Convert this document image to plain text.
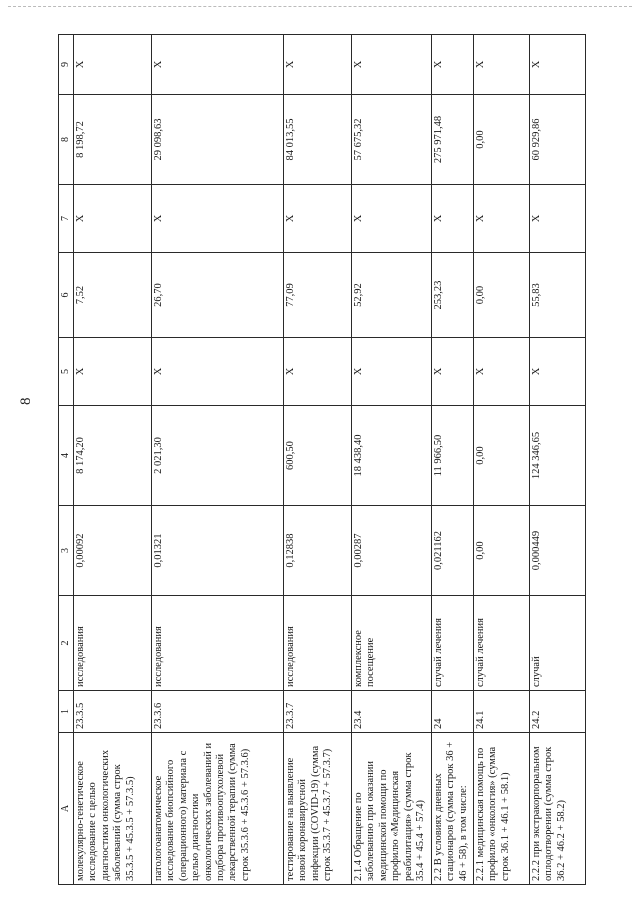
8
А	1	2	3	4	5	6	7	8	9
молекулярно-генетическое исследование с целью диагностики онкологических заболеваний (сумма строк 35.3.5 + 45.3.5 + 57.3.5)	23.3.5	исследования	0,00092	8 174,20	Х	7,52	Х	8 198,72	Х
патологоанатомическое исследование биопсийного (операционного) материала с целью диагностики онкологических заболеваний и подбора противоопухолевой лекарственной терапии (сумма строк 35.3.6 + 45.3.6 + 57.3.6)	23.3.6	исследования	0,01321	2 021,30	Х	26,70	Х	29 098,63	Х
тестирование на выявление новой коронавирусной инфекции (COVID-19) (сумма строк 35.3.7 + 45.3.7 + 57.3.7)	23.3.7	исследования	0,12838	600,50	Х	77,09	Х	84 013,55	Х
2.1.4 Обращение по заболеванию при оказании медицинской помощи по профилю «Медицинская реабилитация» (сумма строк 35.4 + 45.4 + 57.4)	23.4	комплексное посещение	0,00287	18 438,40	Х	52,92	Х	57 675,32	Х
2.2 В условиях дневных стационаров (сумма строк 36 + 46 + 58), в том числе:	24	случай лечения	0,021162	11 966,50	Х	253,23	Х	275 971,48	Х
2.2.1 медицинская помощь по профилю «онкология» (сумма строк 36.1 + 46.1 + 58.1)	24.1	случай лечения	0,00	0,00	Х	0,00	Х	0,00	Х
2.2.2 при экстракорпоральном оплодотворении (сумма строк 36.2 + 46.2 + 58.2)	24.2	случай	0,000449	124 346,65	Х	55,83	Х	60 929,86	Х
